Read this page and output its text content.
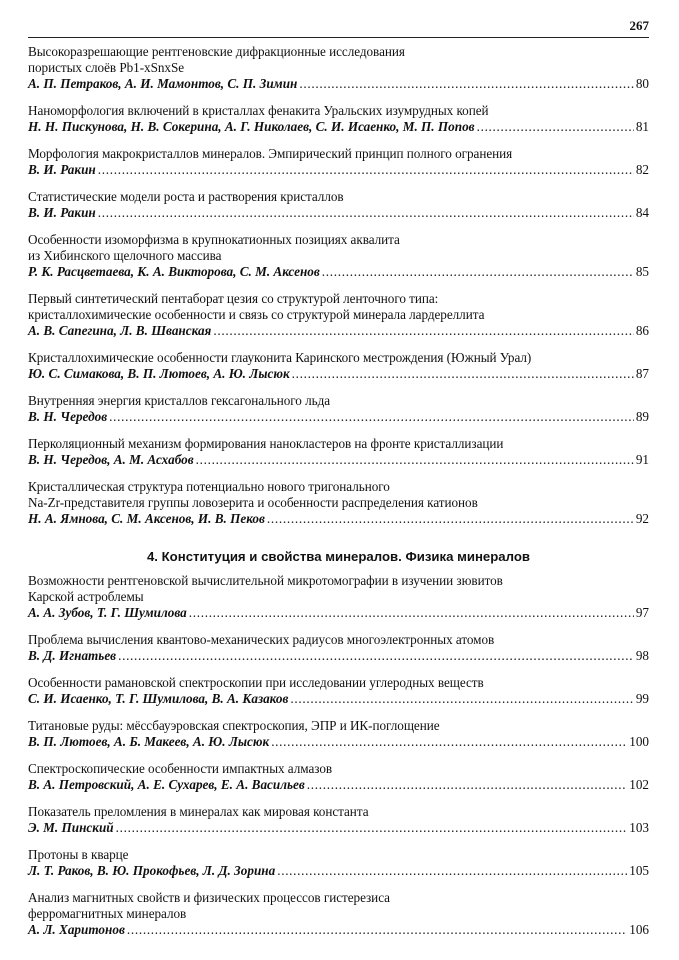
267
Высокоразрешающие рентгеновские дифракционные исследования
пористых слоёв Pb1-xSnxSe
А. П. Петраков, А. И. Мамонтов, С. П. Зимин . . .	80
Наноморфология включений в кристаллах фенакита Уральских изумрудных копей
Н. Н. Пискунова, Н. В. Сокерина, А. Г. Николаев, С. И. Исаенко, М. П. Попов . . .	81
Морфология макрокристаллов минералов. Эмпирический принцип полного огранения
В. И. Ракин . . .	82
Статистические модели роста и растворения кристаллов
В. И. Ракин . . .	84
Особенности изоморфизма в крупнокатионных позициях аквалита
из Хибинского щелочного массива
Р. К. Расцветаева, К. А. Викторова, С. М. Аксенов . . .	85
Первый синтетический пентаборат цезия со структурой ленточного типа:
кристаллохимические особенности и связь со структурой минерала лардереллита
А. В. Сапегина, Л. В. Шванская . . .	86
Кристаллохимические особенности глауконита Каринского местрождения (Южный Урал)
Ю. С. Симакова, В. П. Лютоев, А. Ю. Лысюк . . .	87
Внутренняя энергия кристаллов гексагонального льда
В. Н. Чередов . . .	89
Перколяционный механизм формирования нанокластеров на фронте кристаллизации
В. Н. Чередов, А. М. Асхабов . . .	91
Кристаллическая структура потенциально нового тригонального
Na-Zr-представителя группы ловозерита и особенности распределения катионов
Н. А. Ямнова, С. М. Аксенов, И. В. Пеков . . .	92
4. Конституция и свойства минералов. Физика минералов
Возможности рентгеновской вычислительной микротомографии в изучении зювитов
Карской астроблемы
А. А. Зубов, Т. Г. Шумилова . . .	97
Проблема вычисления квантово-механических радиусов многоэлектронных атомов
В. Д. Игнатьев . . .	98
Особенности рамановской спектроскопии при исследовании углеродных веществ
С. И. Исаенко, Т. Г. Шумилова, В. А. Казаков . . .	99
Титановые руды: мёссбауэровская спектроскопия, ЭПР и ИК-поглощение
В. П. Лютоев, А. Б. Макеев, А. Ю. Лысюк . . .	100
Спектроскопические особенности импактных алмазов
В. А. Петровский, А. Е. Сухарев, Е. А. Васильев . . .	102
Показатель преломления в минералах как мировая константа
Э. М. Пинский . . .	103
Протоны в кварце
Л. Т. Раков, В. Ю. Прокофьев, Л. Д. Зорина . . .	105
Анализ магнитных свойств и физических процессов гистерезиса
ферромагнитных минералов
А. Л. Харитонов . . .	106
